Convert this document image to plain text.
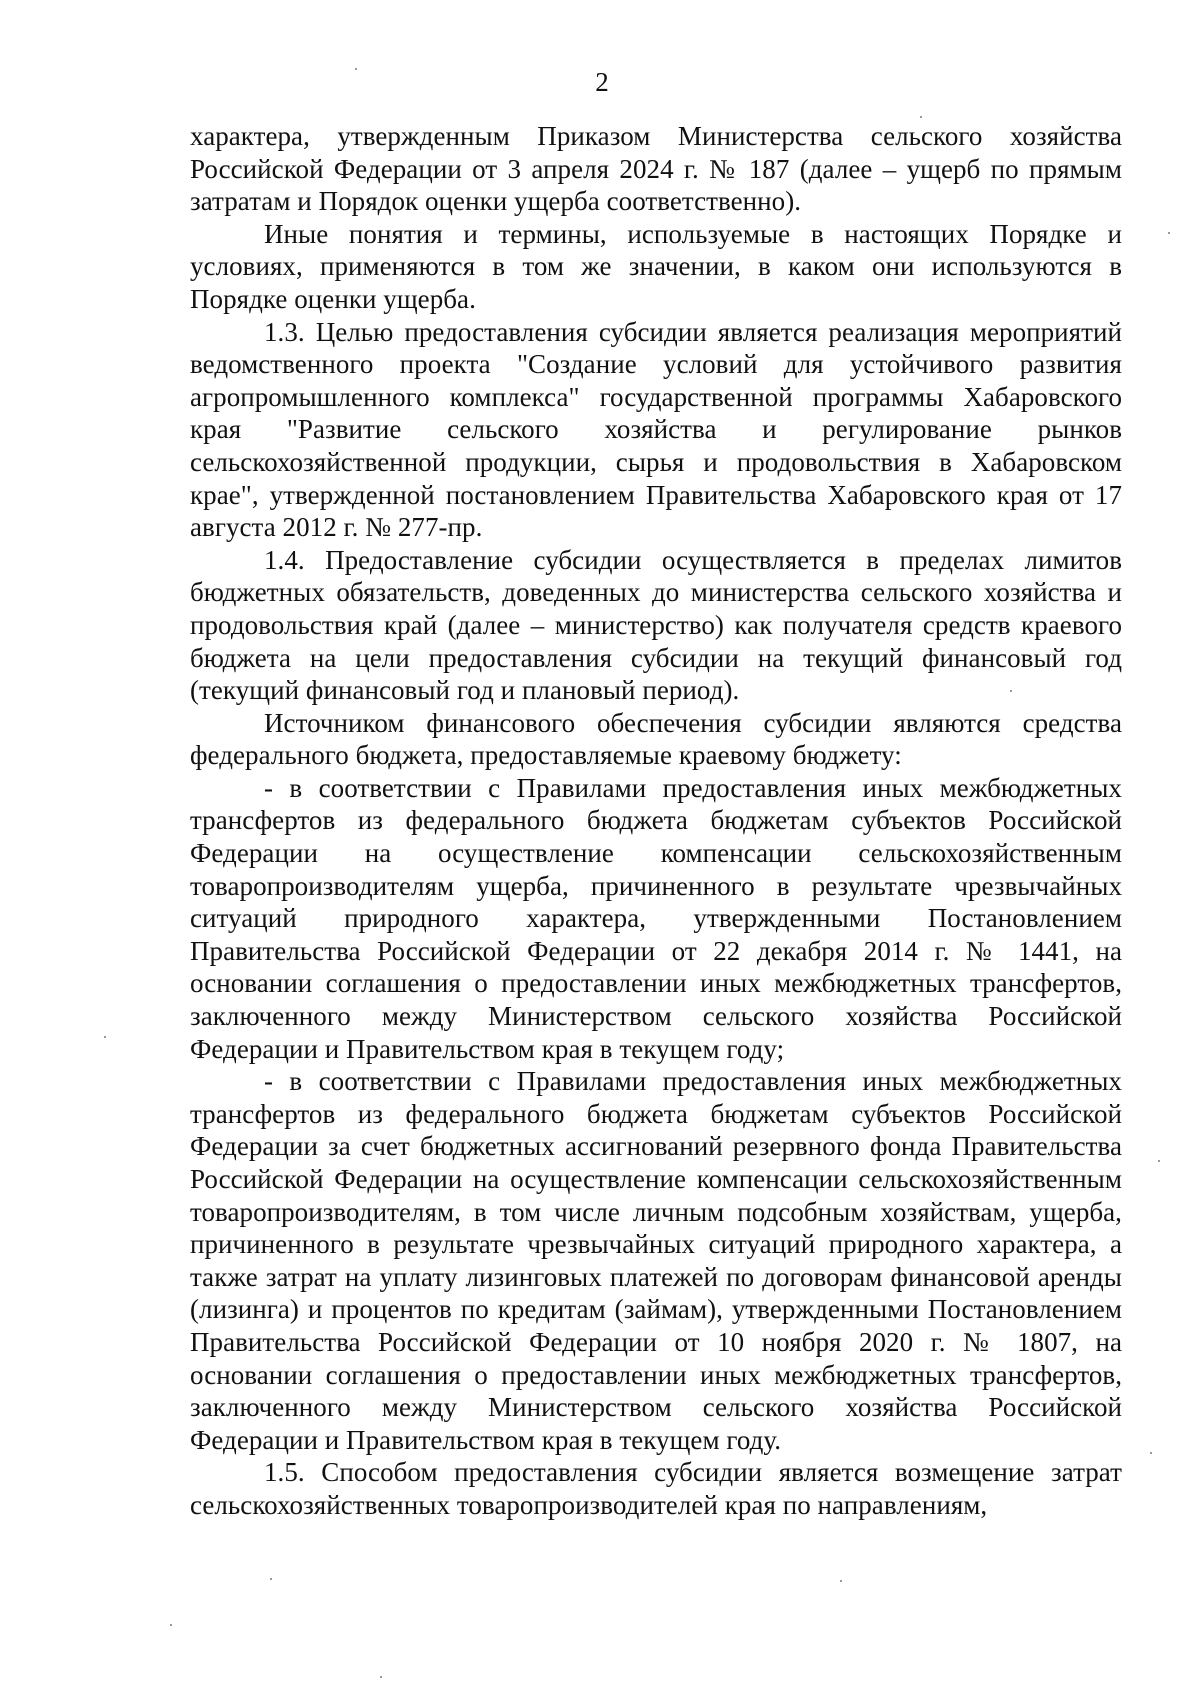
2

характера, утвержденным Приказом Министерства сельского хозяйства Российской Федерации от 3 апреля 2024 г. № 187 (далее – ущерб по прямым затратам и Порядок оценки ущерба соответственно).

Иные понятия и термины, используемые в настоящих Порядке и условиях, применяются в том же значении, в каком они используются в Порядке оценки ущерба.

1.3. Целью предоставления субсидии является реализация мероприятий ведомственного проекта "Создание условий для устойчивого развития агропромышленного комплекса" государственной программы Хабаровского края "Развитие сельского хозяйства и регулирование рынков сельскохозяйственной продукции, сырья и продовольствия в Хабаровском крае", утвержденной постановлением Правительства Хабаровского края от 17 августа 2012 г. № 277-пр.

1.4. Предоставление субсидии осуществляется в пределах лимитов бюджетных обязательств, доведенных до министерства сельского хозяйства и продовольствия край (далее – министерство) как получателя средств краевого бюджета на цели предоставления субсидии на текущий финансовый год (текущий финансовый год и плановый период).

Источником финансового обеспечения субсидии являются средства федерального бюджета, предоставляемые краевому бюджету:

- в соответствии с Правилами предоставления иных межбюджетных трансфертов из федерального бюджета бюджетам субъектов Российской Федерации на осуществление компенсации сельскохозяйственным товаропроизводителям ущерба, причиненного в результате чрезвычайных ситуаций природного характера, утвержденными Постановлением Правительства Российской Федерации от 22 декабря 2014 г. № 1441, на основании соглашения о предоставлении иных межбюджетных трансфертов, заключенного между Министерством сельского хозяйства Российской Федерации и Правительством края в текущем году;

- в соответствии с Правилами предоставления иных межбюджетных трансфертов из федерального бюджета бюджетам субъектов Российской Федерации за счет бюджетных ассигнований резервного фонда Правительства Российской Федерации на осуществление компенсации сельскохозяйственным товаропроизводителям, в том числе личным подсобным хозяйствам, ущерба, причиненного в результате чрезвычайных ситуаций природного характера, а также затрат на уплату лизинговых платежей по договорам финансовой аренды (лизинга) и процентов по кредитам (займам), утвержденными Постановлением Правительства Российской Федерации от 10 ноября 2020 г. № 1807, на основании соглашения о предоставлении иных межбюджетных трансфертов, заключенного между Министерством сельского хозяйства Российской Федерации и Правительством края в текущем году.

1.5. Способом предоставления субсидии является возмещение затрат сельскохозяйственных товаропроизводителей края по направлениям,
